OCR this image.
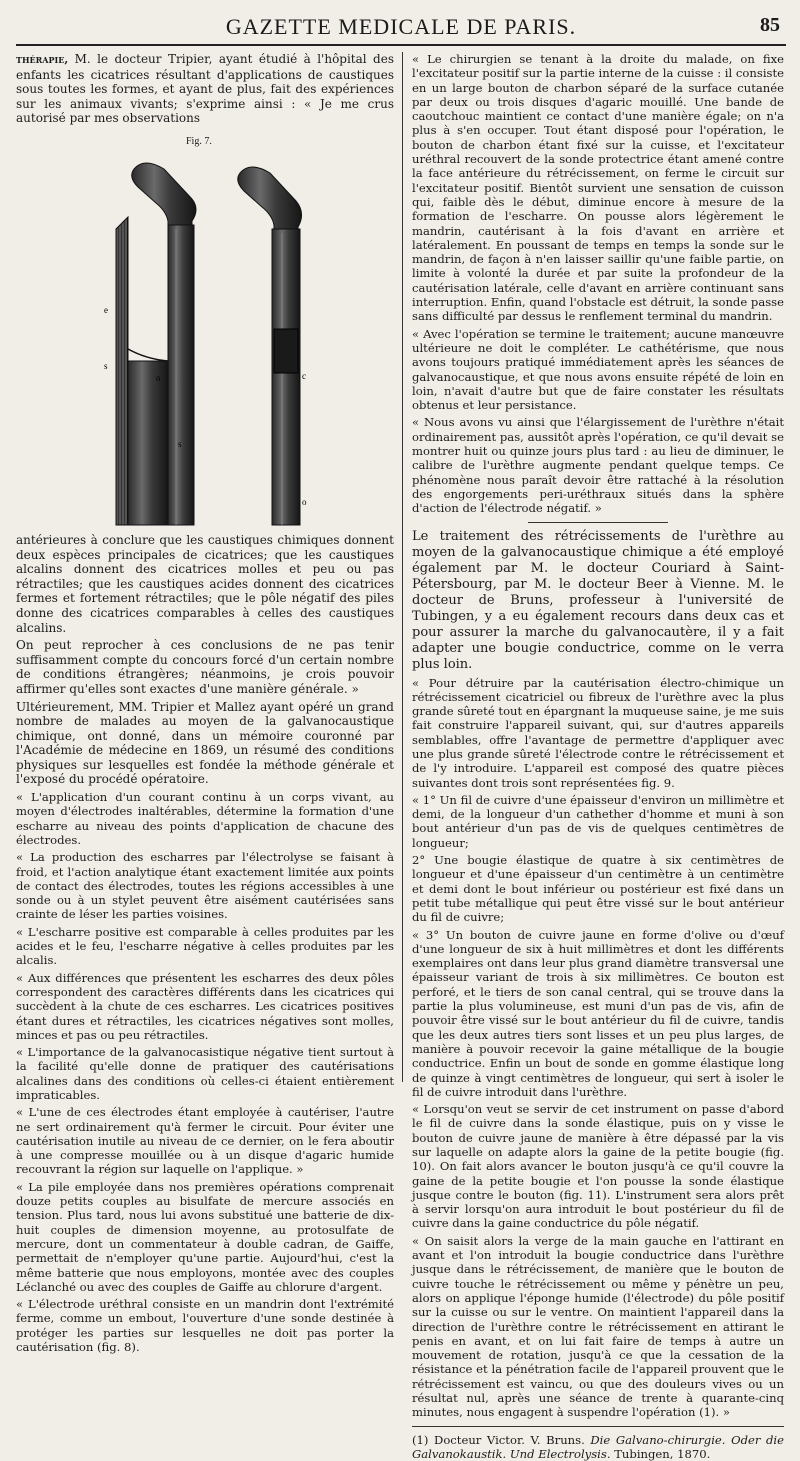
GAZETTE MEDICALE DE PARIS.	85

thérapie, M. le docteur Tripier, ayant étudié à l'hôpital des enfants les cicatrices résultant d'applications de caustiques sous toutes les formes, et ayant de plus, fait des expériences sur les animaux vivants; s'exprime ainsi : « Je me crus autorisé par mes observations

Fig. 7.
e
s
o
s
o
c

antérieures à conclure que les caustiques chimiques donnent deux espèces principales de cicatrices; que les caustiques alcalins donnent des cicatrices molles et peu ou pas rétractiles; que les caustiques acides donnent des cicatrices fermes et fortement rétractiles; que le pôle négatif des piles donne des cicatrices comparables à celles des caustiques alcalins.

On peut reprocher à ces conclusions de ne pas tenir suffisamment compte du concours forcé d'un certain nombre de conditions étrangères; néanmoins, je crois pouvoir affirmer qu'elles sont exactes d'une manière générale. »

Ultérieurement, MM. Tripier et Mallez ayant opéré un grand nombre de malades au moyen de la galvanocaustique chimique, ont donné, dans un mémoire couronné par l'Académie de médecine en 1869, un résumé des conditions physiques sur lesquelles est fondée la méthode générale et l'exposé du procédé opératoire.

« L'application d'un courant continu à un corps vivant, au moyen d'électrodes inaltérables, détermine la formation d'une escharre au niveau des points d'application de chacune des électrodes.

« La production des escharres par l'électrolyse se faisant à froid, et l'action analytique étant exactement limitée aux points de contact des électrodes, toutes les régions accessibles à une sonde ou à un stylet peuvent être aisément cautérisées sans crainte de léser les parties voisines.

« L'escharre positive est comparable à celles produites par les acides et le feu, l'escharre négative à celles produites par les alcalis.

« Aux différences que présentent les escharres des deux pôles correspondent des caractères différents dans les cicatrices qui succèdent à la chute de ces escharres. Les cicatrices positives étant dures et rétractiles, les cicatrices négatives sont molles, minces et pas ou peu rétractiles.

« L'importance de la galvanocasistique négative tient surtout à la facilité qu'elle donne de pratiquer des cautérisations alcalines dans des conditions où celles-ci étaient entièrement impraticables.

« L'une de ces électrodes étant employée à cautériser, l'autre ne sert ordinairement qu'à fermer le circuit. Pour éviter une cautérisation inutile au niveau de ce dernier, on le fera aboutir à une compresse mouillée ou à un disque d'agaric humide recouvrant la région sur laquelle on l'applique. »

« La pile employée dans nos premières opérations comprenait douze petits couples au bisulfate de mercure associés en tension. Plus tard, nous lui avons substitué une batterie de dix-huit couples de dimension moyenne, au protosulfate de mercure, dont un commentateur à double cadran, de Gaiffe, permettait de n'employer qu'une partie. Aujourd'hui, c'est la même batterie que nous employons, montée avec des couples Léclanché ou avec des couples de Gaiffe au chlorure d'argent.

« L'électrode uréthral consiste en un mandrin dont l'extrémité ferme, comme un embout, l'ouverture d'une sonde destinée à protéger les parties sur lesquelles ne doit pas porter la cautérisation (fig. 8).

« Le chirurgien se tenant à la droite du malade, on fixe l'excitateur positif sur la partie interne de la cuisse : il consiste en un large bouton de charbon séparé de la surface cutanée par deux ou trois disques d'agaric mouillé. Une bande de caoutchouc maintient ce contact d'une manière égale; on n'a plus à s'en occuper. Tout étant disposé pour l'opération, le bouton de charbon étant fixé sur la cuisse, et l'excitateur uréthral recouvert de la sonde protectrice étant amené contre la face antérieure du rétrécissement, on ferme le circuit sur l'excitateur positif. Bientôt survient une sensation de cuisson qui, faible dès le début, diminue encore à mesure de la formation de l'escharre. On pousse alors légèrement le mandrin, cautérisant à la fois d'avant en arrière et latéralement. En poussant de temps en temps la sonde sur le mandrin, de façon à n'en laisser saillir qu'une faible partie, on limite à volonté la durée et par suite la profondeur de la cautérisation latérale, celle d'avant en arrière continuant sans interruption. Enfin, quand l'obstacle est détruit, la sonde passe sans difficulté par dessus le renflement terminal du mandrin.

« Avec l'opération se termine le traitement; aucune manœuvre ultérieure ne doit le compléter. Le cathétérisme, que nous avons toujours pratiqué immédiatement après les séances de galvanocaustique, et que nous avons ensuite répété de loin en loin, n'avait d'autre but que de faire constater les résultats obtenus et leur persistance.

« Nous avons vu ainsi que l'élargissement de l'urèthre n'était ordinairement pas, aussitôt après l'opération, ce qu'il devait se montrer huit ou quinze jours plus tard : au lieu de diminuer, le calibre de l'urèthre augmente pendant quelque temps. Ce phénomène nous paraît devoir être rattaché à la résolution des engorgements peri-uréthraux situés dans la sphère d'action de l'électrode négatif. »

Le traitement des rétrécissements de l'urèthre au moyen de la galvanocaustique chimique a été employé également par M. le docteur Couriard à Saint-Pétersbourg, par M. le docteur Beer à Vienne. M. le docteur de Bruns, professeur à l'université de Tubingen, y a eu également recours dans deux cas et pour assurer la marche du galvanocautère, il y a fait adapter une bougie conductrice, comme on le verra plus loin.

« Pour détruire par la cautérisation électro-chimique un rétrécissement cicatriciel ou fibreux de l'urèthre avec la plus grande sûreté tout en épargnant la muqueuse saine, je me suis fait construire l'appareil suivant, qui, sur d'autres appareils semblables, offre l'avantage de permettre d'appliquer avec une plus grande sûreté l'électrode contre le rétrécissement et de l'y introduire. L'appareil est composé des quatre pièces suivantes dont trois sont représentées fig. 9.

« 1° Un fil de cuivre d'une épaisseur d'environ un millimètre et demi, de la longueur d'un cathether d'homme et muni à son bout antérieur d'un pas de vis de quelques centimètres de longueur;

2° Une bougie élastique de quatre à six centimètres de longueur et d'une épaisseur d'un centimètre à un centimètre et demi dont le bout inférieur ou postérieur est fixé dans un petit tube métallique qui peut être vissé sur le bout antérieur du fil de cuivre;

« 3° Un bouton de cuivre jaune en forme d'olive ou d'œuf d'une longueur de six à huit millimètres et dont les différents exemplaires ont dans leur plus grand diamètre transversal une épaisseur variant de trois à six millimètres. Ce bouton est perforé, et le tiers de son canal central, qui se trouve dans la partie la plus volumineuse, est muni d'un pas de vis, afin de pouvoir être vissé sur le bout antérieur du fil de cuivre, tandis que les deux autres tiers sont lisses et un peu plus larges, de manière à pouvoir recevoir la gaine métallique de la bougie conductrice. Enfin un bout de sonde en gomme élastique long de quinze à vingt centimètres de longueur, qui sert à isoler le fil de cuivre introduit dans l'urèthre.

« Lorsqu'on veut se servir de cet instrument on passe d'abord le fil de cuivre dans la sonde élastique, puis on y visse le bouton de cuivre jaune de manière à être dépassé par la vis sur laquelle on adapte alors la gaine de la petite bougie (fig. 10). On fait alors avancer le bouton jusqu'à ce qu'il couvre la gaine de la petite bougie et l'on pousse la sonde élastique jusque contre le bouton (fig. 11). L'instrument sera alors prêt à servir lorsqu'on aura introduit le bout postérieur du fil de cuivre dans la gaine conductrice du pôle négatif.

« On saisit alors la verge de la main gauche en l'attirant en avant et l'on introduit la bougie conductrice dans l'urèthre jusque dans le rétrécissement, de manière que le bouton de cuivre touche le rétrécissement ou même y pénètre un peu, alors on applique l'éponge humide (l'électrode) du pôle positif sur la cuisse ou sur le ventre. On maintient l'appareil dans la direction de l'urèthre contre le rétrécissement en attirant le penis en avant, et on lui fait faire de temps à autre un mouvement de rotation, jusqu'à ce que la cessation de la résistance et la pénétration facile de l'appareil prouvent que le rétrécissement est vaincu, ou que des douleurs vives ou un résultat nul, après une séance de trente à quarante-cinq minutes, nous engagent à suspendre l'opération (1). »

(1) Docteur Victor. V. Bruns. Die Galvano-chirurgie. Oder die Galvanokaustik. Und Electrolysis. Tubingen, 1870.
